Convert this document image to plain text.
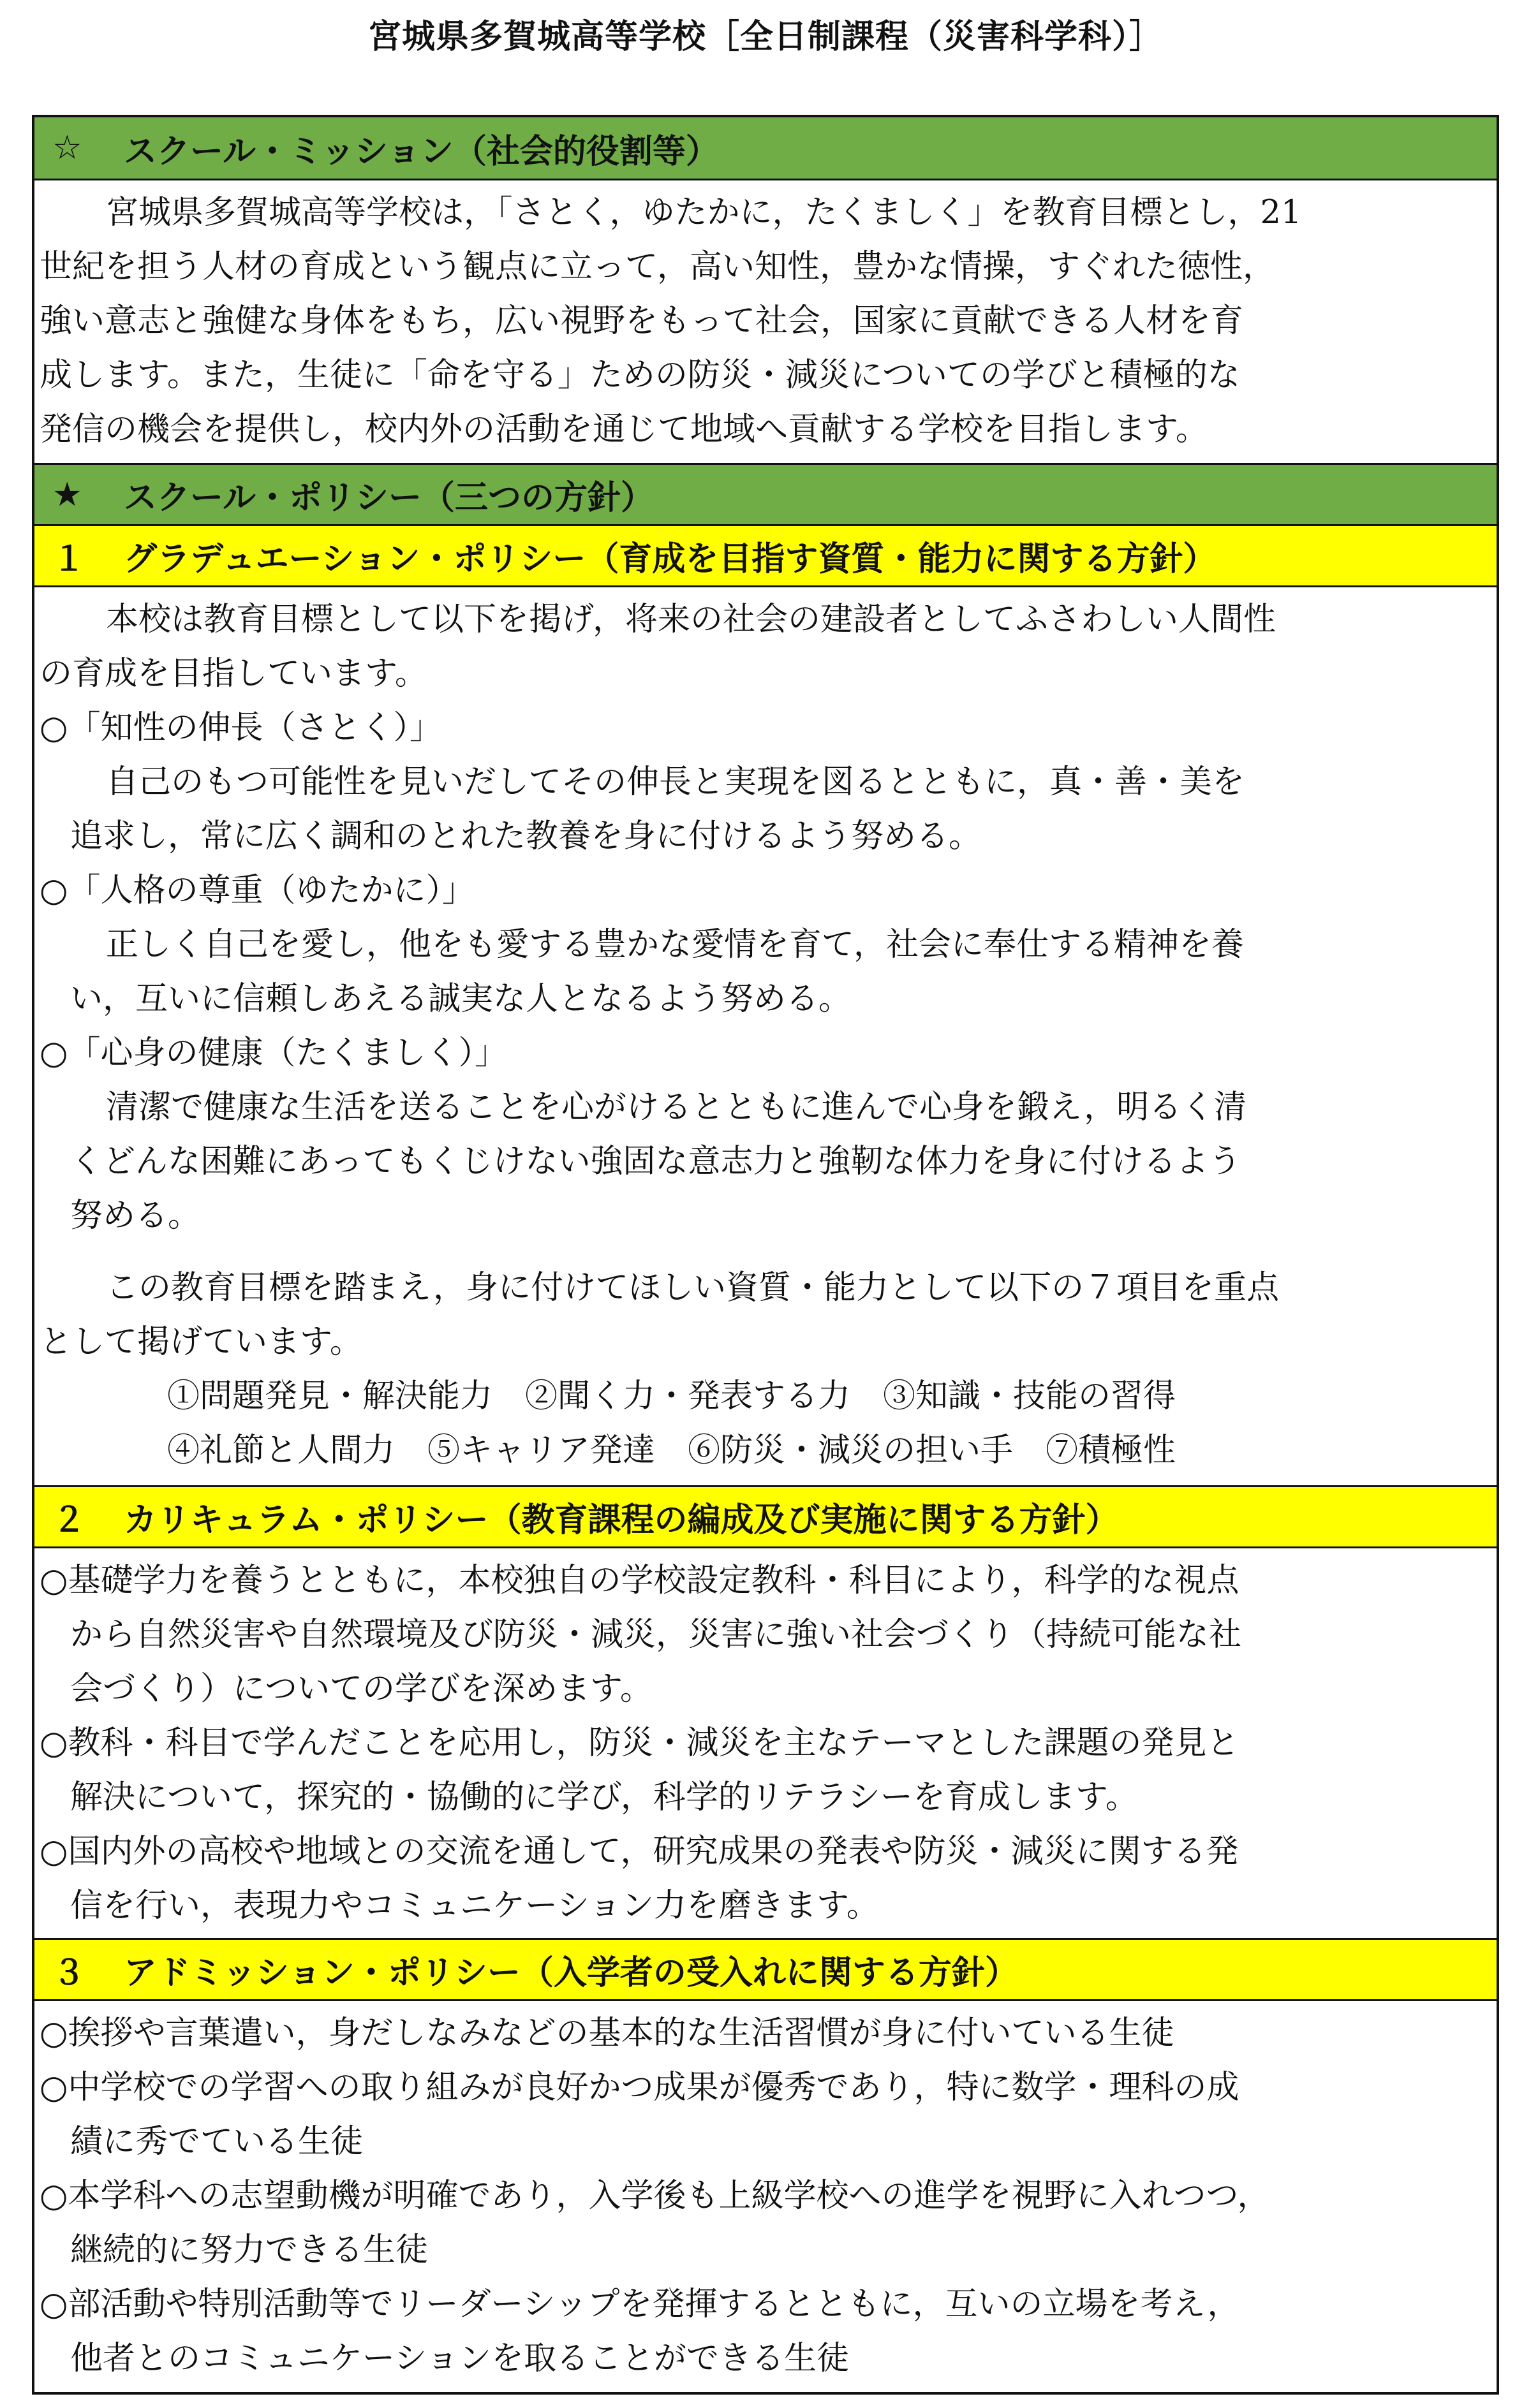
宮城県多賀城高等学校［全日制課程（災害科学科）］
☆	スクール・ミッション（社会的役割等）

宮城県多賀城高等学校は，「さとく，ゆたかに，たくましく」を教育目標とし，21

世紀を担う人材の育成という観点に立って，高い知性，豊かな情操，すぐれた徳性，

強い意志と強健な身体をもち，広い視野をもって社会，国家に貢献できる人材を育

成します。また，生徒に「命を守る」ための防災・減災についての学びと積極的な

発信の機会を提供し，校内外の活動を通じて地域へ貢献する学校を目指します。

★	スクール・ポリシー（三つの方針）
１	グラデュエーション・ポリシー（育成を目指す資質・能力に関する方針）

本校は教育目標として以下を掲げ，将来の社会の建設者としてふさわしい人間性

の育成を目指しています。

○「知性の伸長（さとく）」

自己のもつ可能性を見いだしてその伸長と実現を図るとともに，真・善・美を

追求し，常に広く調和のとれた教養を身に付けるよう努める。

○「人格の尊重（ゆたかに）」

正しく自己を愛し，他をも愛する豊かな愛情を育て，社会に奉仕する精神を養

い，互いに信頼しあえる誠実な人となるよう努める。

○「心身の健康（たくましく）」

清潔で健康な生活を送ることを心がけるとともに進んで心身を鍛え，明るく清

くどんな困難にあってもくじけない強固な意志力と強靭な体力を身に付けるよう

努める。

この教育目標を踏まえ，身に付けてほしい資質・能力として以下の７項目を重点

として掲げています。

①問題発見・解決能力　②聞く力・発表する力　③知識・技能の習得

④礼節と人間力　⑤キャリア発達　⑥防災・減災の担い手　⑦積極性

２	カリキュラム・ポリシー（教育課程の編成及び実施に関する方針）

○基礎学力を養うとともに，本校独自の学校設定教科・科目により，科学的な視点

から自然災害や自然環境及び防災・減災，災害に強い社会づくり（持続可能な社

会づくり）についての学びを深めます。

○教科・科目で学んだことを応用し，防災・減災を主なテーマとした課題の発見と

解決について，探究的・協働的に学び，科学的リテラシーを育成します。

○国内外の高校や地域との交流を通して，研究成果の発表や防災・減災に関する発

信を行い，表現力やコミュニケーション力を磨きます。

３	アドミッション・ポリシー（入学者の受入れに関する方針）

○挨拶や言葉遣い，身だしなみなどの基本的な生活習慣が身に付いている生徒

○中学校での学習への取り組みが良好かつ成果が優秀であり，特に数学・理科の成

績に秀でている生徒

○本学科への志望動機が明確であり，入学後も上級学校への進学を視野に入れつつ，

継続的に努力できる生徒

○部活動や特別活動等でリーダーシップを発揮するとともに，互いの立場を考え，

他者とのコミュニケーションを取ることができる生徒
